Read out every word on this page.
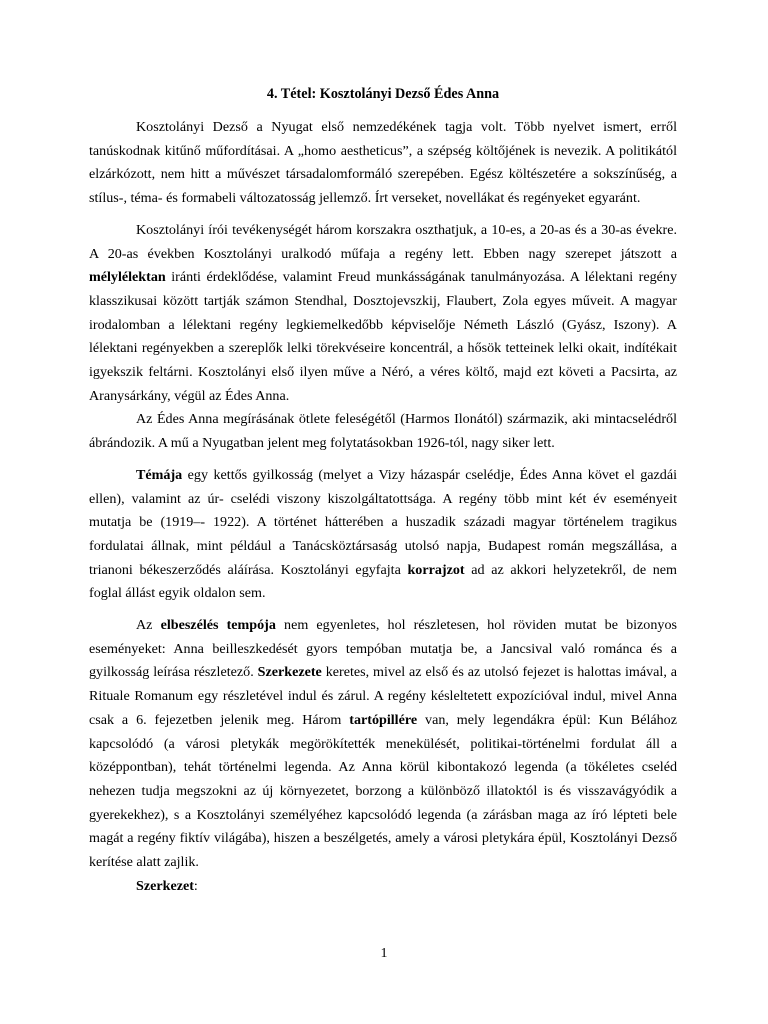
4. Tétel: Kosztolányi Dezső Édes Anna

Kosztolányi Dezső a Nyugat első nemzedékének tagja volt. Több nyelvet ismert, erről tanúskodnak kitűnő műfordításai. A „homo aestheticus”, a szépség költőjének is nevezik. A politikától elzárkózott, nem hitt a művészet társadalomformáló szerepében. Egész költészetére a sokszínűség, a stílus-, téma- és formabeli változatosság jellemző. Írt verseket, novellákat és regényeket egyaránt.

Kosztolányi írói tevékenységét három korszakra oszthatjuk, a 10-es, a 20-as és a 30-as évekre. A 20-as években Kosztolányi uralkodó műfaja a regény lett. Ebben nagy szerepet játszott a mélylélektan iránti érdeklődése, valamint Freud munkásságának tanulmányozása. A lélektani regény klasszikusai között tartják számon Stendhal, Dosztojevszkij, Flaubert, Zola egyes műveit. A magyar irodalomban a lélektani regény legkiemelkedőbb képviselője Németh László (Gyász, Iszony). A lélektani regényekben a szereplők lelki törekvéseire koncentrál, a hősök tetteinek lelki okait, indítékait igyekszik feltárni. Kosztolányi első ilyen műve a Néró, a véres költő, majd ezt követi a Pacsirta, az Aranysárkány, végül az Édes Anna.

Az Édes Anna megírásának ötlete feleségétől (Harmos Ilonától) származik, aki mintacselédről ábrándozik. A mű a Nyugatban jelent meg folytatásokban 1926-tól, nagy siker lett.

Témája egy kettős gyilkosság (melyet a Vizy házaspár cselédje, Édes Anna követ el gazdái ellen), valamint az úr- cselédi viszony kiszolgáltatottsága. A regény több mint két év eseményeit mutatja be (1919–- 1922). A történet hátterében a huszadik századi magyar történelem tragikus fordulatai állnak, mint például a Tanácsköztársaság utolsó napja, Budapest román megszállása, a trianoni békeszerződés aláírása. Kosztolányi egyfajta korrajzot ad az akkori helyzetekről, de nem foglal állást egyik oldalon sem.

Az elbeszélés tempója nem egyenletes, hol részletesen, hol röviden mutat be bizonyos eseményeket: Anna beilleszkedését gyors tempóban mutatja be, a Jancsival való románca és a gyilkosság leírása részletező. Szerkezete keretes, mivel az első és az utolsó fejezet is halottas imával, a Rituale Romanum egy részletével indul és zárul. A regény késleltetett expozícióval indul, mivel Anna csak a 6. fejezetben jelenik meg. Három tartópillére van, mely legendákra épül: Kun Bélához kapcsolódó (a városi pletykák megörökítették menekülését, politikai-történelmi fordulat áll a középpontban), tehát történelmi legenda. Az Anna körül kibontakozó legenda (a tökéletes cseléd nehezen tudja megszokni az új környezetet, borzong a különböző illatoktól is és visszavágyódik a gyerekekhez), s a Kosztolányi személyéhez kapcsolódó legenda (a zárásban maga az író lépteti bele magát a regény fiktív világába), hiszen a beszélgetés, amely a városi pletykára épül, Kosztolányi Dezső kerítése alatt zajlik.

Szerkezet:

1
